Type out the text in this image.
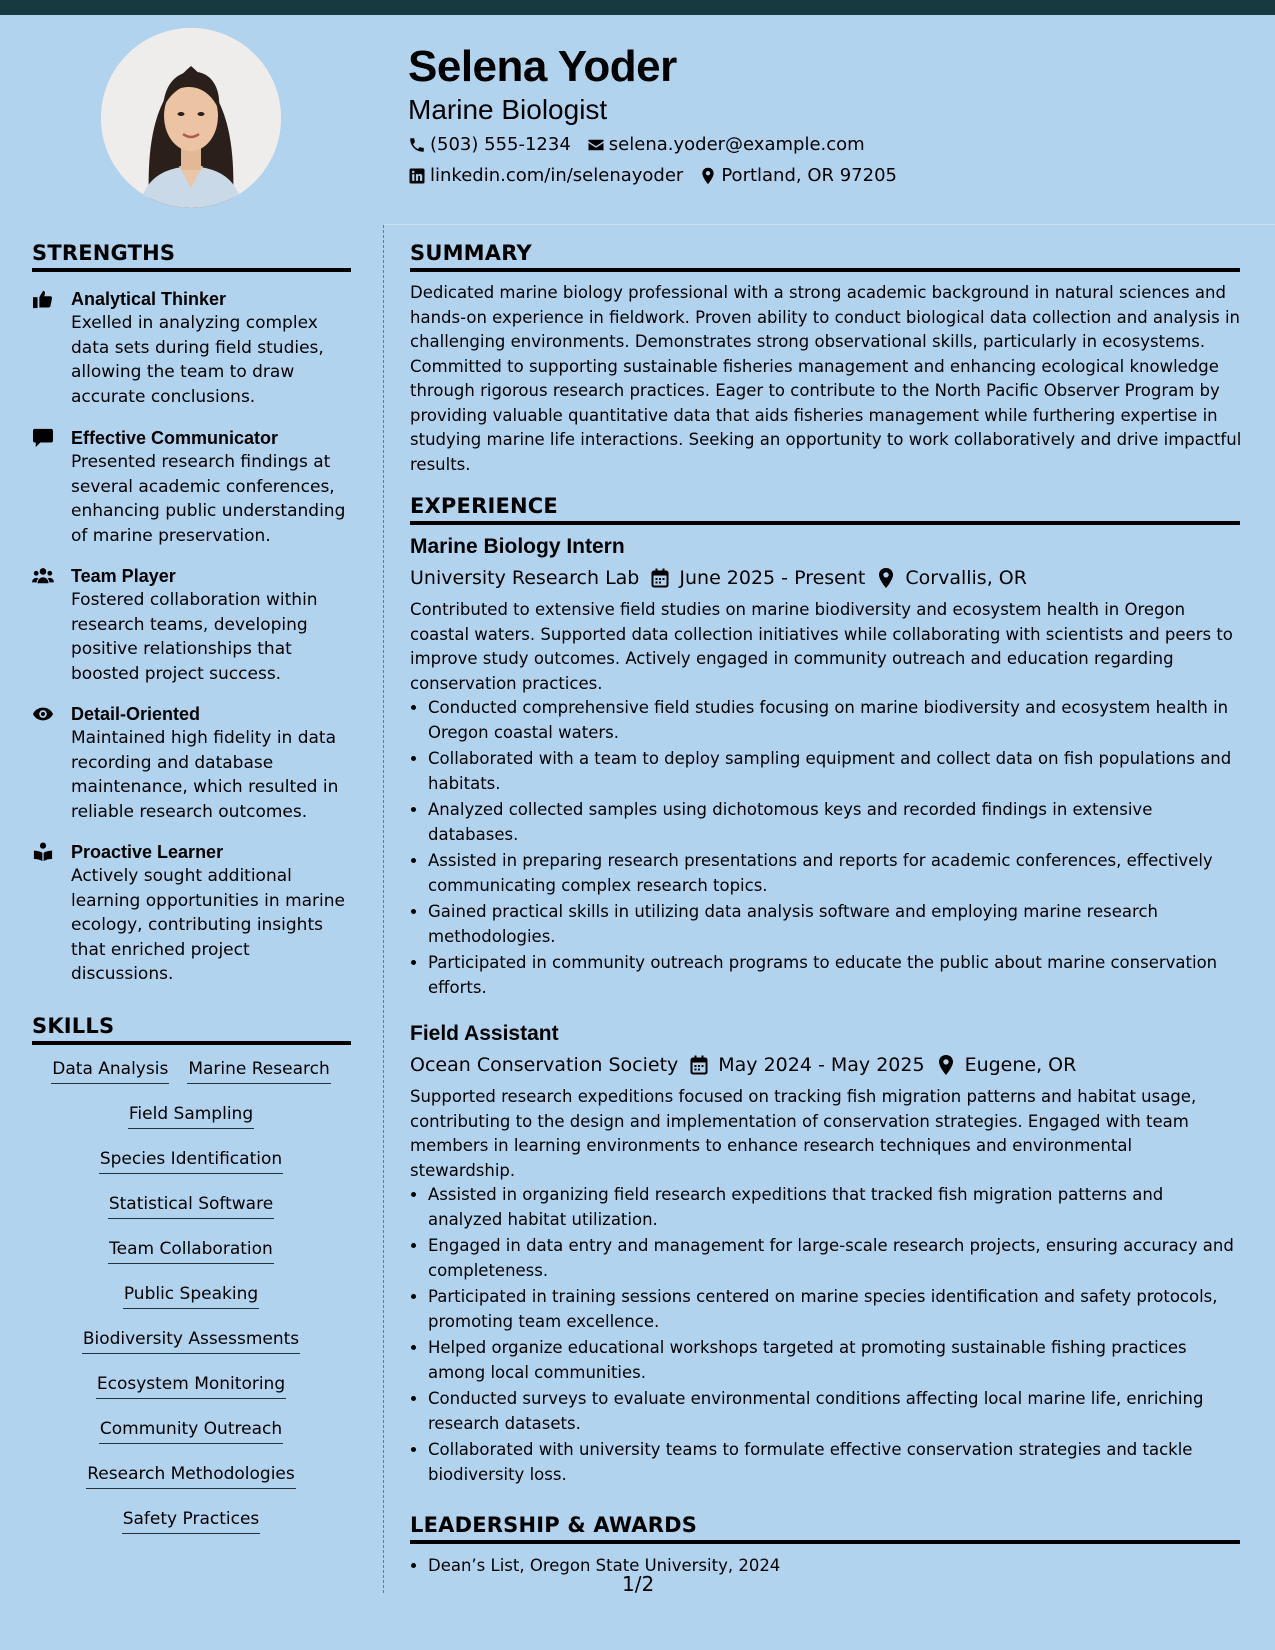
Selena Yoder
Marine Biologist
(503) 555-1234 selena.yoder@example.com
linkedin.com/in/selenayoder Portland, OR 97205
STRENGTHS
Analytical Thinker
Exelled in analyzing complex data sets during field studies, allowing the team to draw accurate conclusions.
Effective Communicator
Presented research findings at several academic conferences, enhancing public understanding of marine preservation.
Team Player
Fostered collaboration within research teams, developing positive relationships that boosted project success.
Detail-Oriented
Maintained high fidelity in data recording and database maintenance, which resulted in reliable research outcomes.
Proactive Learner
Actively sought additional learning opportunities in marine ecology, contributing insights that enriched project discussions.
SKILLS
Data Analysis Marine Research
Field Sampling
Species Identification
Statistical Software
Team Collaboration
Public Speaking
Biodiversity Assessments
Ecosystem Monitoring
Community Outreach
Research Methodologies
Safety Practices
SUMMARY

Dedicated marine biology professional with a strong academic background in natural sciences and hands-on experience in fieldwork. Proven ability to conduct biological data collection and analysis in challenging environments. Demonstrates strong observational skills, particularly in ecosystems. Committed to supporting sustainable fisheries management and enhancing ecological knowledge through rigorous research practices. Eager to contribute to the North Pacific Observer Program by providing valuable quantitative data that aids fisheries management while furthering expertise in studying marine life interactions. Seeking an opportunity to work collaboratively and drive impactful results.

EXPERIENCE
Marine Biology Intern
University Research Lab June 2025 - Present Corvallis, OR
Contributed to extensive field studies on marine biodiversity and ecosystem health in Oregon coastal waters. Supported data collection initiatives while collaborating with scientists and peers to improve study outcomes. Actively engaged in community outreach and education regarding conservation practices.
• Conducted comprehensive field studies focusing on marine biodiversity and ecosystem health in Oregon coastal waters.
• Collaborated with a team to deploy sampling equipment and collect data on fish populations and habitats.
• Analyzed collected samples using dichotomous keys and recorded findings in extensive databases.
• Assisted in preparing research presentations and reports for academic conferences, effectively communicating complex research topics.
• Gained practical skills in utilizing data analysis software and employing marine research methodologies.
• Participated in community outreach programs to educate the public about marine conservation efforts.
Field Assistant
Ocean Conservation Society May 2024 - May 2025 Eugene, OR
Supported research expeditions focused on tracking fish migration patterns and habitat usage, contributing to the design and implementation of conservation strategies. Engaged with team members in learning environments to enhance research techniques and environmental stewardship.
• Assisted in organizing field research expeditions that tracked fish migration patterns and analyzed habitat utilization.
• Engaged in data entry and management for large-scale research projects, ensuring accuracy and completeness.
• Participated in training sessions centered on marine species identification and safety protocols, promoting team excellence.
• Helped organize educational workshops targeted at promoting sustainable fishing practices among local communities.
• Conducted surveys to evaluate environmental conditions affecting local marine life, enriching research datasets.
• Collaborated with university teams to formulate effective conservation strategies and tackle biodiversity loss.
LEADERSHIP & AWARDS
• Dean’s List, Oregon State University, 2024
1/2
